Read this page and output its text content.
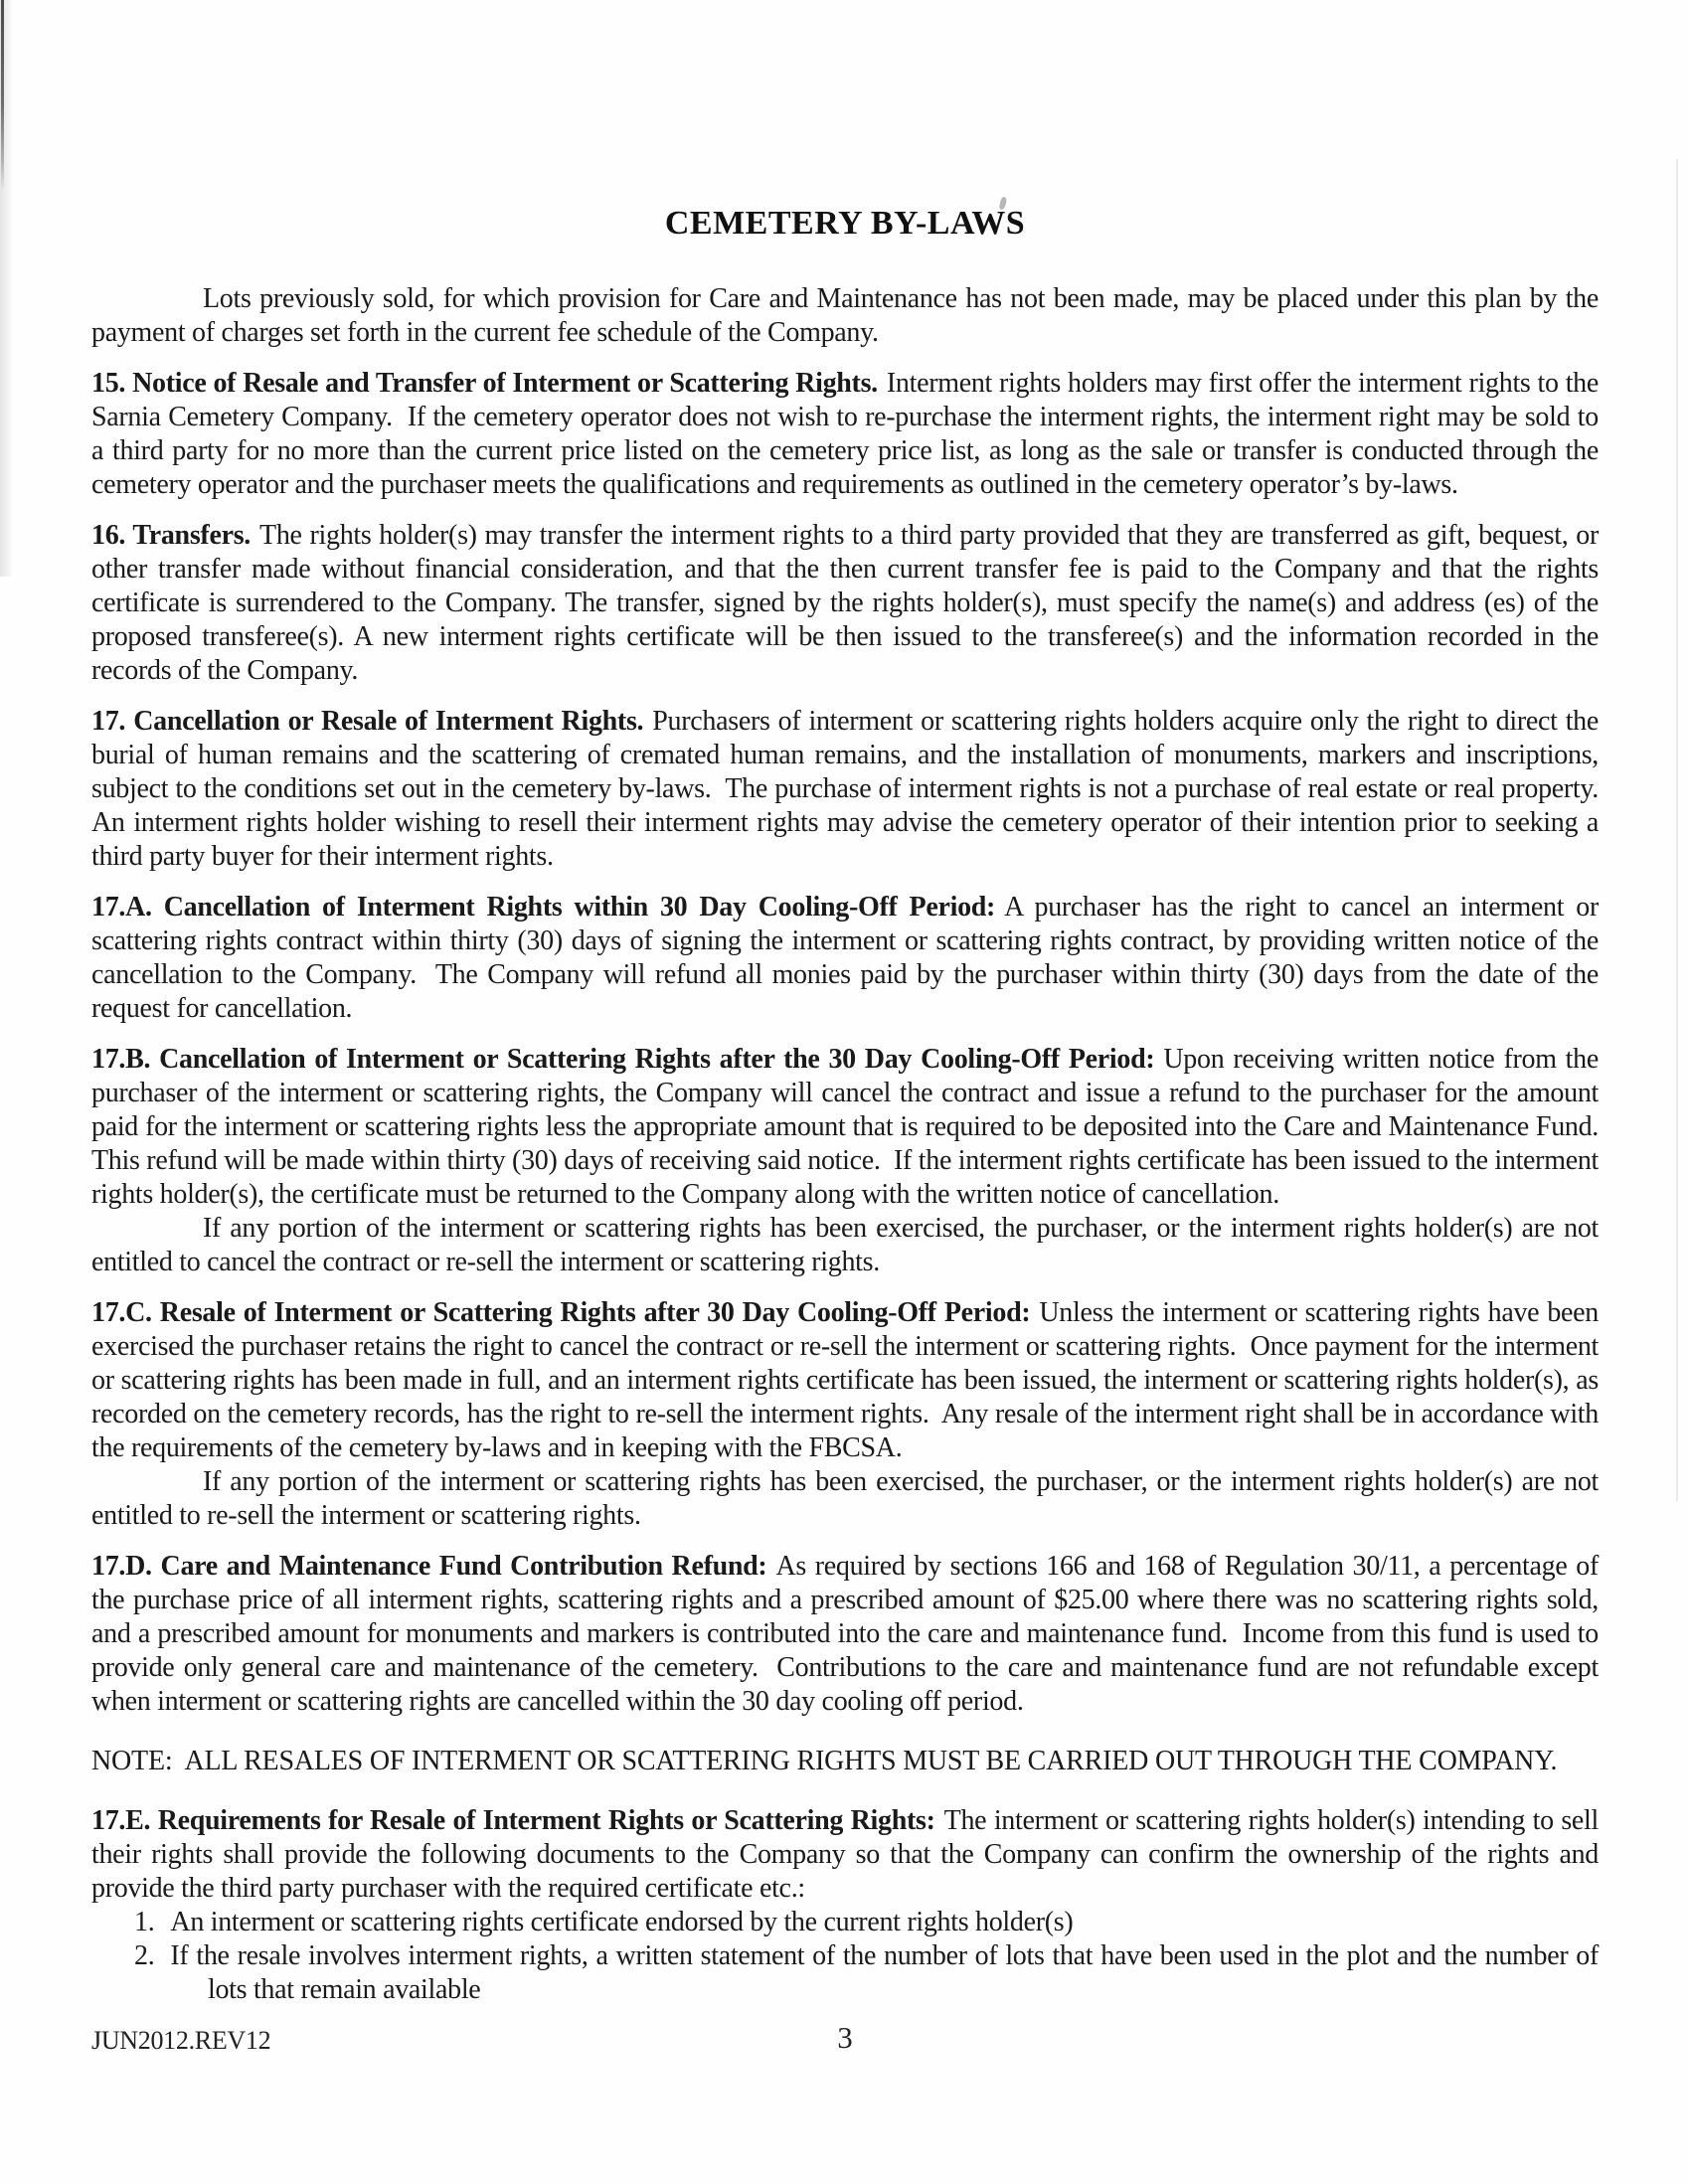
CEMETERY BY-LAWS

Lots previously sold, for which provision for Care and Maintenance has not been made, may be placed under this plan by the payment of charges set forth in the current fee schedule of the Company.

15. Notice of Resale and Transfer of Interment or Scattering Rights. Interment rights holders may first offer the interment rights to the Sarnia Cemetery Company.  If the cemetery operator does not wish to re-purchase the interment rights, the interment right may be sold to a third party for no more than the current price listed on the cemetery price list, as long as the sale or transfer is conducted through the cemetery operator and the purchaser meets the qualifications and requirements as outlined in the cemetery operator’s by-laws.

16. Transfers. The rights holder(s) may transfer the interment rights to a third party provided that they are transferred as gift, bequest, or other transfer made without financial consideration, and that the then current transfer fee is paid to the Company and that the rights certificate is surrendered to the Company. The transfer, signed by the rights holder(s), must specify the name(s) and address (es) of the proposed transferee(s). A new interment rights certificate will be then issued to the transferee(s) and the information recorded in the records of the Company.

17. Cancellation or Resale of Interment Rights. Purchasers of interment or scattering rights holders acquire only the right to direct the burial of human remains and the scattering of cremated human remains, and the installation of monuments, markers and inscriptions, subject to the conditions set out in the cemetery by-laws.  The purchase of interment rights is not a purchase of real estate or real property.  An interment rights holder wishing to resell their interment rights may advise the cemetery operator of their intention prior to seeking a third party buyer for their interment rights.

17.A. Cancellation of Interment Rights within 30 Day Cooling-Off Period: A purchaser has the right to cancel an interment or scattering rights contract within thirty (30) days of signing the interment or scattering rights contract, by providing written notice of the cancellation to the Company.  The Company will refund all monies paid by the purchaser within thirty (30) days from the date of the request for cancellation.

17.B. Cancellation of Interment or Scattering Rights after the 30 Day Cooling-Off Period: Upon receiving written notice from the purchaser of the interment or scattering rights, the Company will cancel the contract and issue a refund to the purchaser for the amount paid for the interment or scattering rights less the appropriate amount that is required to be deposited into the Care and Maintenance Fund.  This refund will be made within thirty (30) days of receiving said notice.  If the interment rights certificate has been issued to the interment rights holder(s), the certificate must be returned to the Company along with the written notice of cancellation.

If any portion of the interment or scattering rights has been exercised, the purchaser, or the interment rights holder(s) are not entitled to cancel the contract or re-sell the interment or scattering rights.

17.C. Resale of Interment or Scattering Rights after 30 Day Cooling-Off Period: Unless the interment or scattering rights have been exercised the purchaser retains the right to cancel the contract or re-sell the interment or scattering rights.  Once payment for the interment or scattering rights has been made in full, and an interment rights certificate has been issued, the interment or scattering rights holder(s), as recorded on the cemetery records, has the right to re-sell the interment rights.  Any resale of the interment right shall be in accordance with the requirements of the cemetery by-laws and in keeping with the FBCSA.

If any portion of the interment or scattering rights has been exercised, the purchaser, or the interment rights holder(s) are not entitled to re-sell the interment or scattering rights.

17.D. Care and Maintenance Fund Contribution Refund: As required by sections 166 and 168 of Regulation 30/11, a percentage of the purchase price of all interment rights, scattering rights and a prescribed amount of $25.00 where there was no scattering rights sold, and a prescribed amount for monuments and markers is contributed into the care and maintenance fund.  Income from this fund is used to provide only general care and maintenance of the cemetery.  Contributions to the care and maintenance fund are not refundable except when interment or scattering rights are cancelled within the 30 day cooling off period.

NOTE:  ALL RESALES OF INTERMENT OR SCATTERING RIGHTS MUST BE CARRIED OUT THROUGH THE COMPANY.

17.E. Requirements for Resale of Interment Rights or Scattering Rights: The interment or scattering rights holder(s) intending to sell their rights shall provide the following documents to the Company so that the Company can confirm the ownership of the rights and provide the third party purchaser with the required certificate etc.:

1. An interment or scattering rights certificate endorsed by the current rights holder(s)
2. If the resale involves interment rights, a written statement of the number of lots that have been used in the plot and the number of lots that remain available
JUN2012.REV12	3
